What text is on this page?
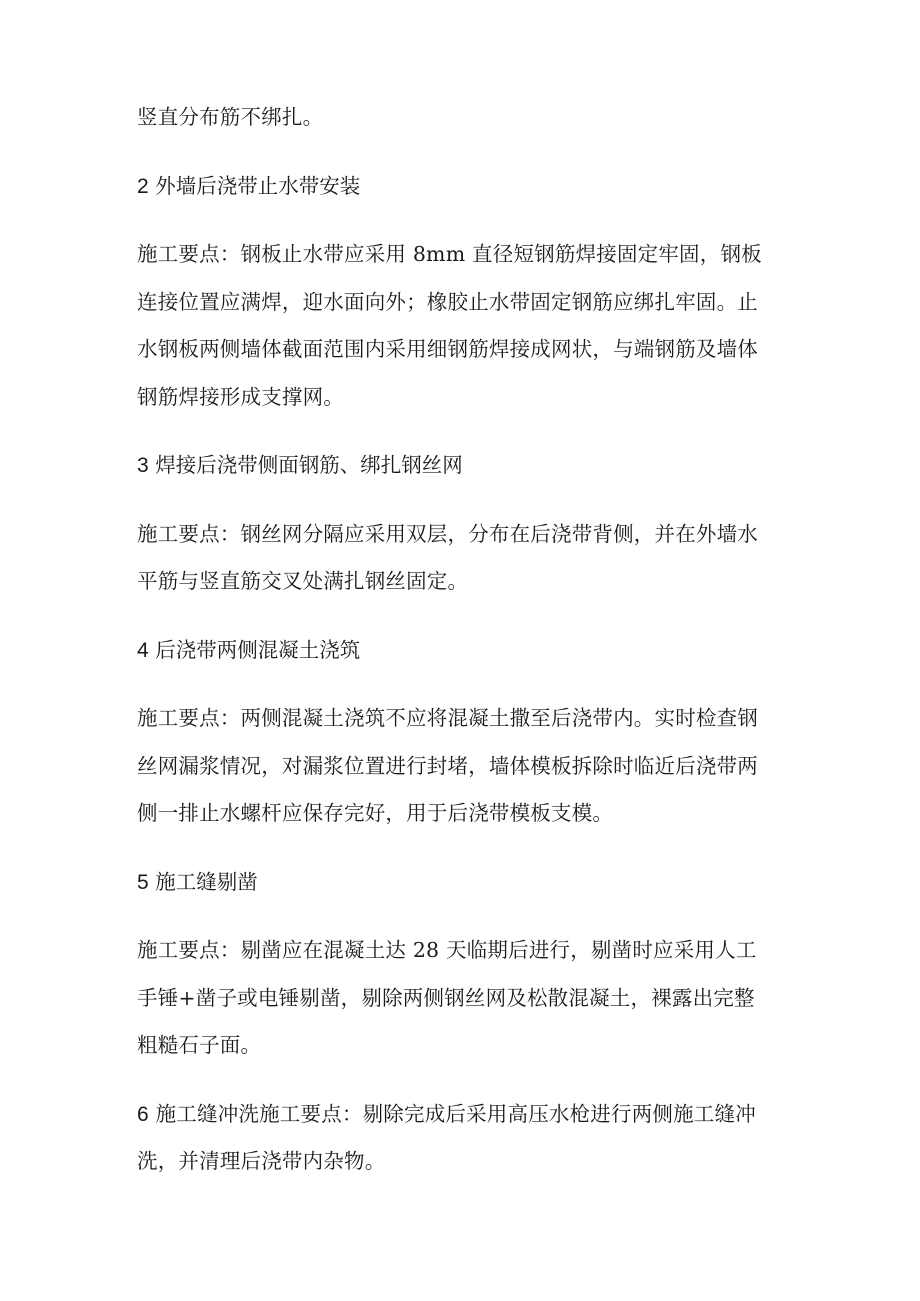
竖直分布筋不绑扎。

2 外墙后浇带止水带安装

施工要点：钢板止水带应采用 8mm 直径短钢筋焊接固定牢固，钢板
连接位置应满焊，迎水面向外；橡胶止水带固定钢筋应绑扎牢固。止
水钢板两侧墙体截面范围内采用细钢筋焊接成网状，与端钢筋及墙体
钢筋焊接形成支撑网。

3 焊接后浇带侧面钢筋、绑扎钢丝网

施工要点：钢丝网分隔应采用双层，分布在后浇带背侧，并在外墙水
平筋与竖直筋交叉处满扎钢丝固定。

4 后浇带两侧混凝土浇筑

施工要点：两侧混凝土浇筑不应将混凝土撒至后浇带内。实时检查钢
丝网漏浆情况，对漏浆位置进行封堵，墙体模板拆除时临近后浇带两
侧一排止水螺杆应保存完好，用于后浇带模板支模。

5 施工缝剔凿

施工要点：剔凿应在混凝土达 28 天临期后进行，剔凿时应采用人工
手锤+凿子或电锤剔凿，剔除两侧钢丝网及松散混凝土，裸露出完整
粗糙石子面。

6 施工缝冲洗施工要点：剔除完成后采用高压水枪进行两侧施工缝冲
洗，并清理后浇带内杂物。
